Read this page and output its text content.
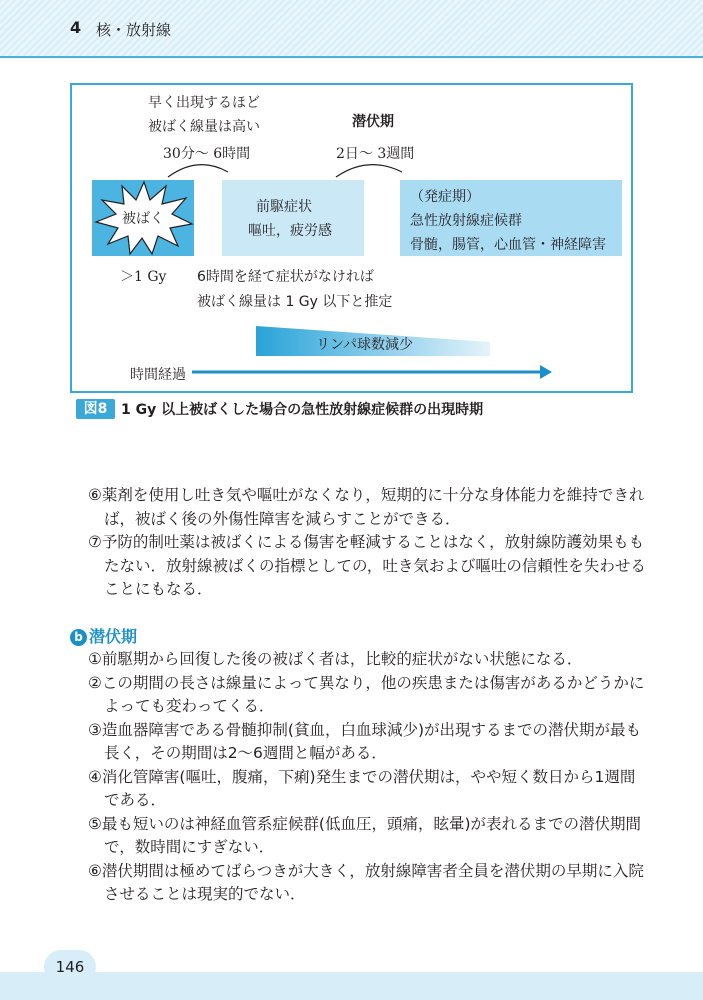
4 核・放射線
早く出現するほど
被ばく線量は高い
30分～ 6時間
潜伏期
2日～ 3週間
被ばく
前駆症状
嘔吐，疲労感
（発症期）
急性放射線症候群
骨髄，腸管，心血管・神経障害
＞1 Gy 6時間を経て症状がなければ
被ばく線量は 1 Gy 以下と推定
リンパ球数減少
時間経過
図8 1 Gy 以上被ばくした場合の急性放射線症候群の出現時期

⑥薬剤を使用し吐き気や嘔吐がなくなり，短期的に十分な身体能力を維持できれば，被ばく後の外傷性障害を減らすことができる．

⑦予防的制吐薬は被ばくによる傷害を軽減することはなく，放射線防護効果ももたない．放射線被ばくの指標としての，吐き気および嘔吐の信頼性を失わせることにもなる．

b 潜伏期

①前駆期から回復した後の被ばく者は，比較的症状がない状態になる．

②この期間の長さは線量によって異なり，他の疾患または傷害があるかどうかによっても変わってくる．

③造血器障害である骨髄抑制(貧血，白血球減少)が出現するまでの潜伏期が最も長く，その期間は2～6週間と幅がある．

④消化管障害(嘔吐，腹痛，下痢)発生までの潜伏期は，やや短く数日から1週間である．

⑤最も短いのは神経血管系症候群(低血圧，頭痛，眩暈)が表れるまでの潜伏期間で，数時間にすぎない．

⑥潜伏期間は極めてばらつきが大きく，放射線障害者全員を潜伏期の早期に入院させることは現実的でない．

146
